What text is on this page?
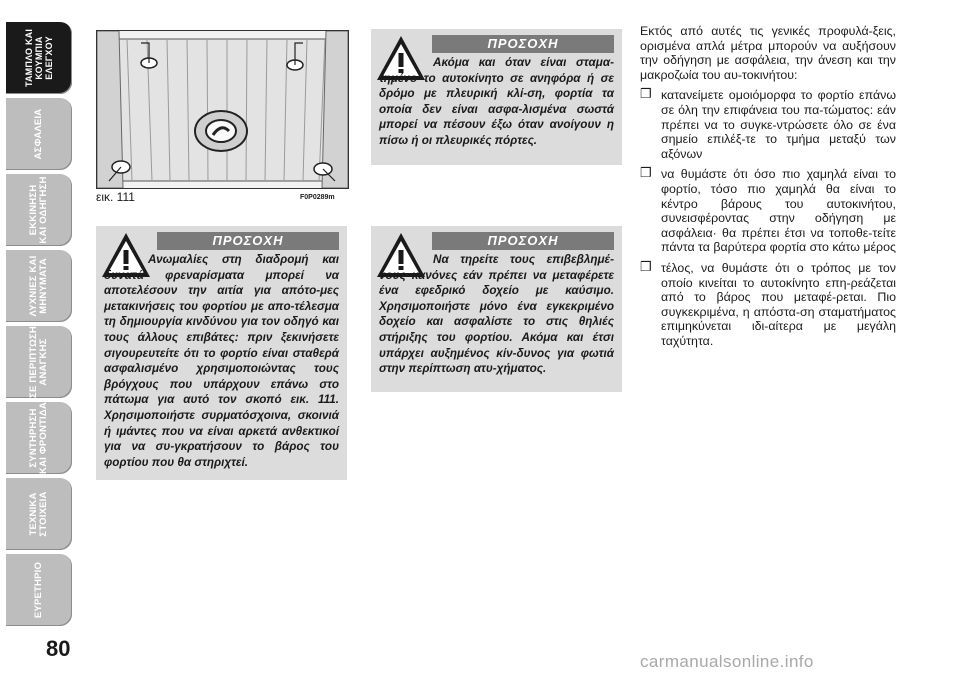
ΤΑΜΠΛΟ ΚΑΙ
ΚΟΥΜΠΙΑ
ΕΛΕΓΧΟΥ
ΑΣΦΑΛΕΙΑ
ΕΚΚΙΝΗΣΗ
ΚΑΙ ΟΔΗΓΗΣΗ
ΛΥΧΝΙΕΣ ΚΑΙ
ΜΗΝΥΜΑΤΑ
ΣΕ ΠΕΡΙΠΤΩΣΗ
ΑΝΑΓΚΗΣ
ΣΥΝΤΗΡΗΣΗ
ΚΑΙ ΦΡΟΝΤΙΔΑ
ΤΕΧΝΙΚΑ
ΣΤΟΙΧΕΙΑ
ΕΥΡΕΤΗΡΙΟ
80
εικ. 111	F0P0289m
ΠΡΟΣΟΧΗ
Ανωμαλίες στη διαδρομή και δυνατά φρεναρίσματα μπορεί να αποτελέσουν την αιτία για απότο-μες μετακινήσεις του φορτίου με απο-τέλεσμα τη δημιουργία κινδύνου για τον οδηγό και τους άλλους επιβάτες: πριν ξεκινήσετε σιγουρευτείτε ότι το φορτίο είναι σταθερά ασφαλισμένο χρησιμοποιώντας τους βρόγχους που υπάρχουν επάνω στο πάτωμα για αυτό τον σκοπό εικ. 111. Χρησιμοποιήστε συρματόσχοινα, σκοινιά ή ιμάντες που να είναι αρκετά ανθεκτικοί για να συ-γκρατήσουν το βάρος του φορτίου που θα στηριχτεί.
ΠΡΟΣΟΧΗ
Ακόμα και όταν είναι σταμα-τημένο το αυτοκίνητο σε ανηφόρα ή σε δρόμο με πλευρική κλί-ση, φορτία τα οποία δεν είναι ασφα-λισμένα σωστά μπορεί να πέσουν έξω όταν ανοίγουν η πίσω ή οι πλευρικές πόρτες.
ΠΡΟΣΟΧΗ
Να τηρείτε τους επιβεβλημέ-νους κανόνες εάν πρέπει να μεταφέρετε ένα εφεδρικό δοχείο με καύσιμο. Χρησιμοποιήστε μόνο ένα εγκεκριμένο δοχείο και ασφαλίστε το στις θηλιές στήριξης του φορτίου. Ακόμα και έτσι υπάρχει αυξημένος κίν-δυνος για φωτιά στην περίπτωση ατυ-χήματος.

Εκτός από αυτές τις γενικές προφυλά-ξεις, ορισμένα απλά μέτρα μπορούν να αυξήσουν την οδήγηση με ασφάλεια, την άνεση και την μακροζωία του αυ-τοκινήτου:

❒ κατανείμετε ομοιόμορφα το φορτίο επάνω σε όλη την επιφάνεια του πα-τώματος: εάν πρέπει να το συγκε-ντρώσετε όλο σε ένα σημείο επιλέξ-τε το τμήμα μεταξύ των αξόνων

❒ να θυμάστε ότι όσο πιο χαμηλά είναι το φορτίο, τόσο πιο χαμηλά θα είναι το κέντρο βάρους του αυτοκινήτου, συνεισφέροντας στην οδήγηση με ασφάλεια· θα πρέπει έτσι να τοποθε-τείτε πάντα τα βαρύτερα φορτία στο κάτω μέρος

❒ τέλος, να θυμάστε ότι ο τρόπος με τον οποίο κινείται το αυτοκίνητο επη-ρεάζεται από το βάρος που μεταφέ-ρεται. Πιο συγκεκριμένα, η απόστα-ση σταματήματος επιμηκύνεται ιδι-αίτερα με μεγάλη ταχύτητα.

carmanualsonline.info
